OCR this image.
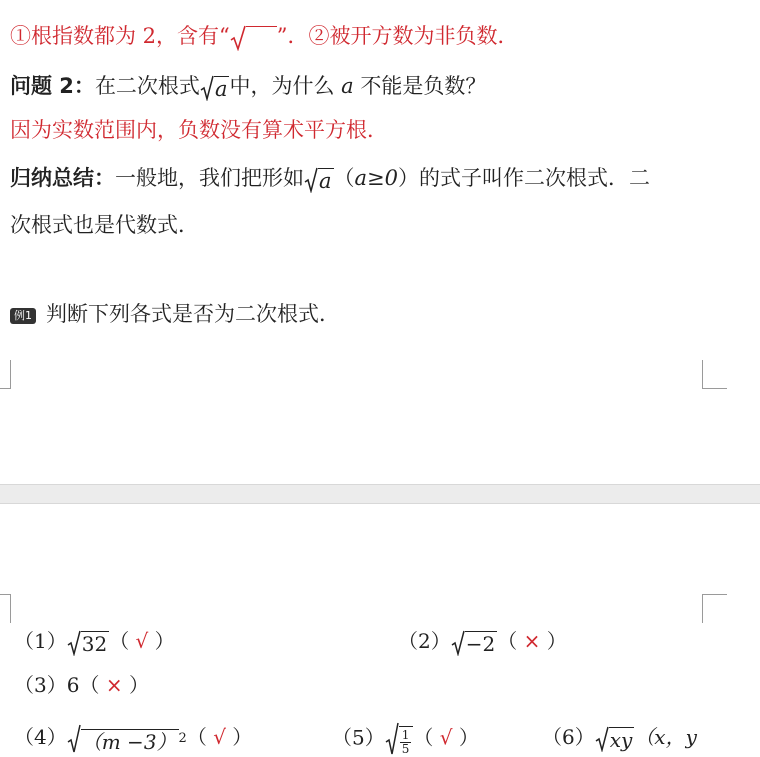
①根指数都为 2，含有“
”．②被开方数为非负数．
问题 2：在二次根式 a 中，为什么 a 不能是负数？
因为实数范围内，负数没有算术平方根．
归纳总结：一般地，我们把形如 a （a≥0）的式子叫作二次根式．二
次根式也是代数式．
例1 判断下列各式是否为二次根式．
（1） 32 （ √ ）	（2） −2 （ × ）
（3）6（ × ）
（4） （m −3） 2 （ √ ）	$(5) \frac{1}{5}$ （ √ ）	（6） xy （x，y
